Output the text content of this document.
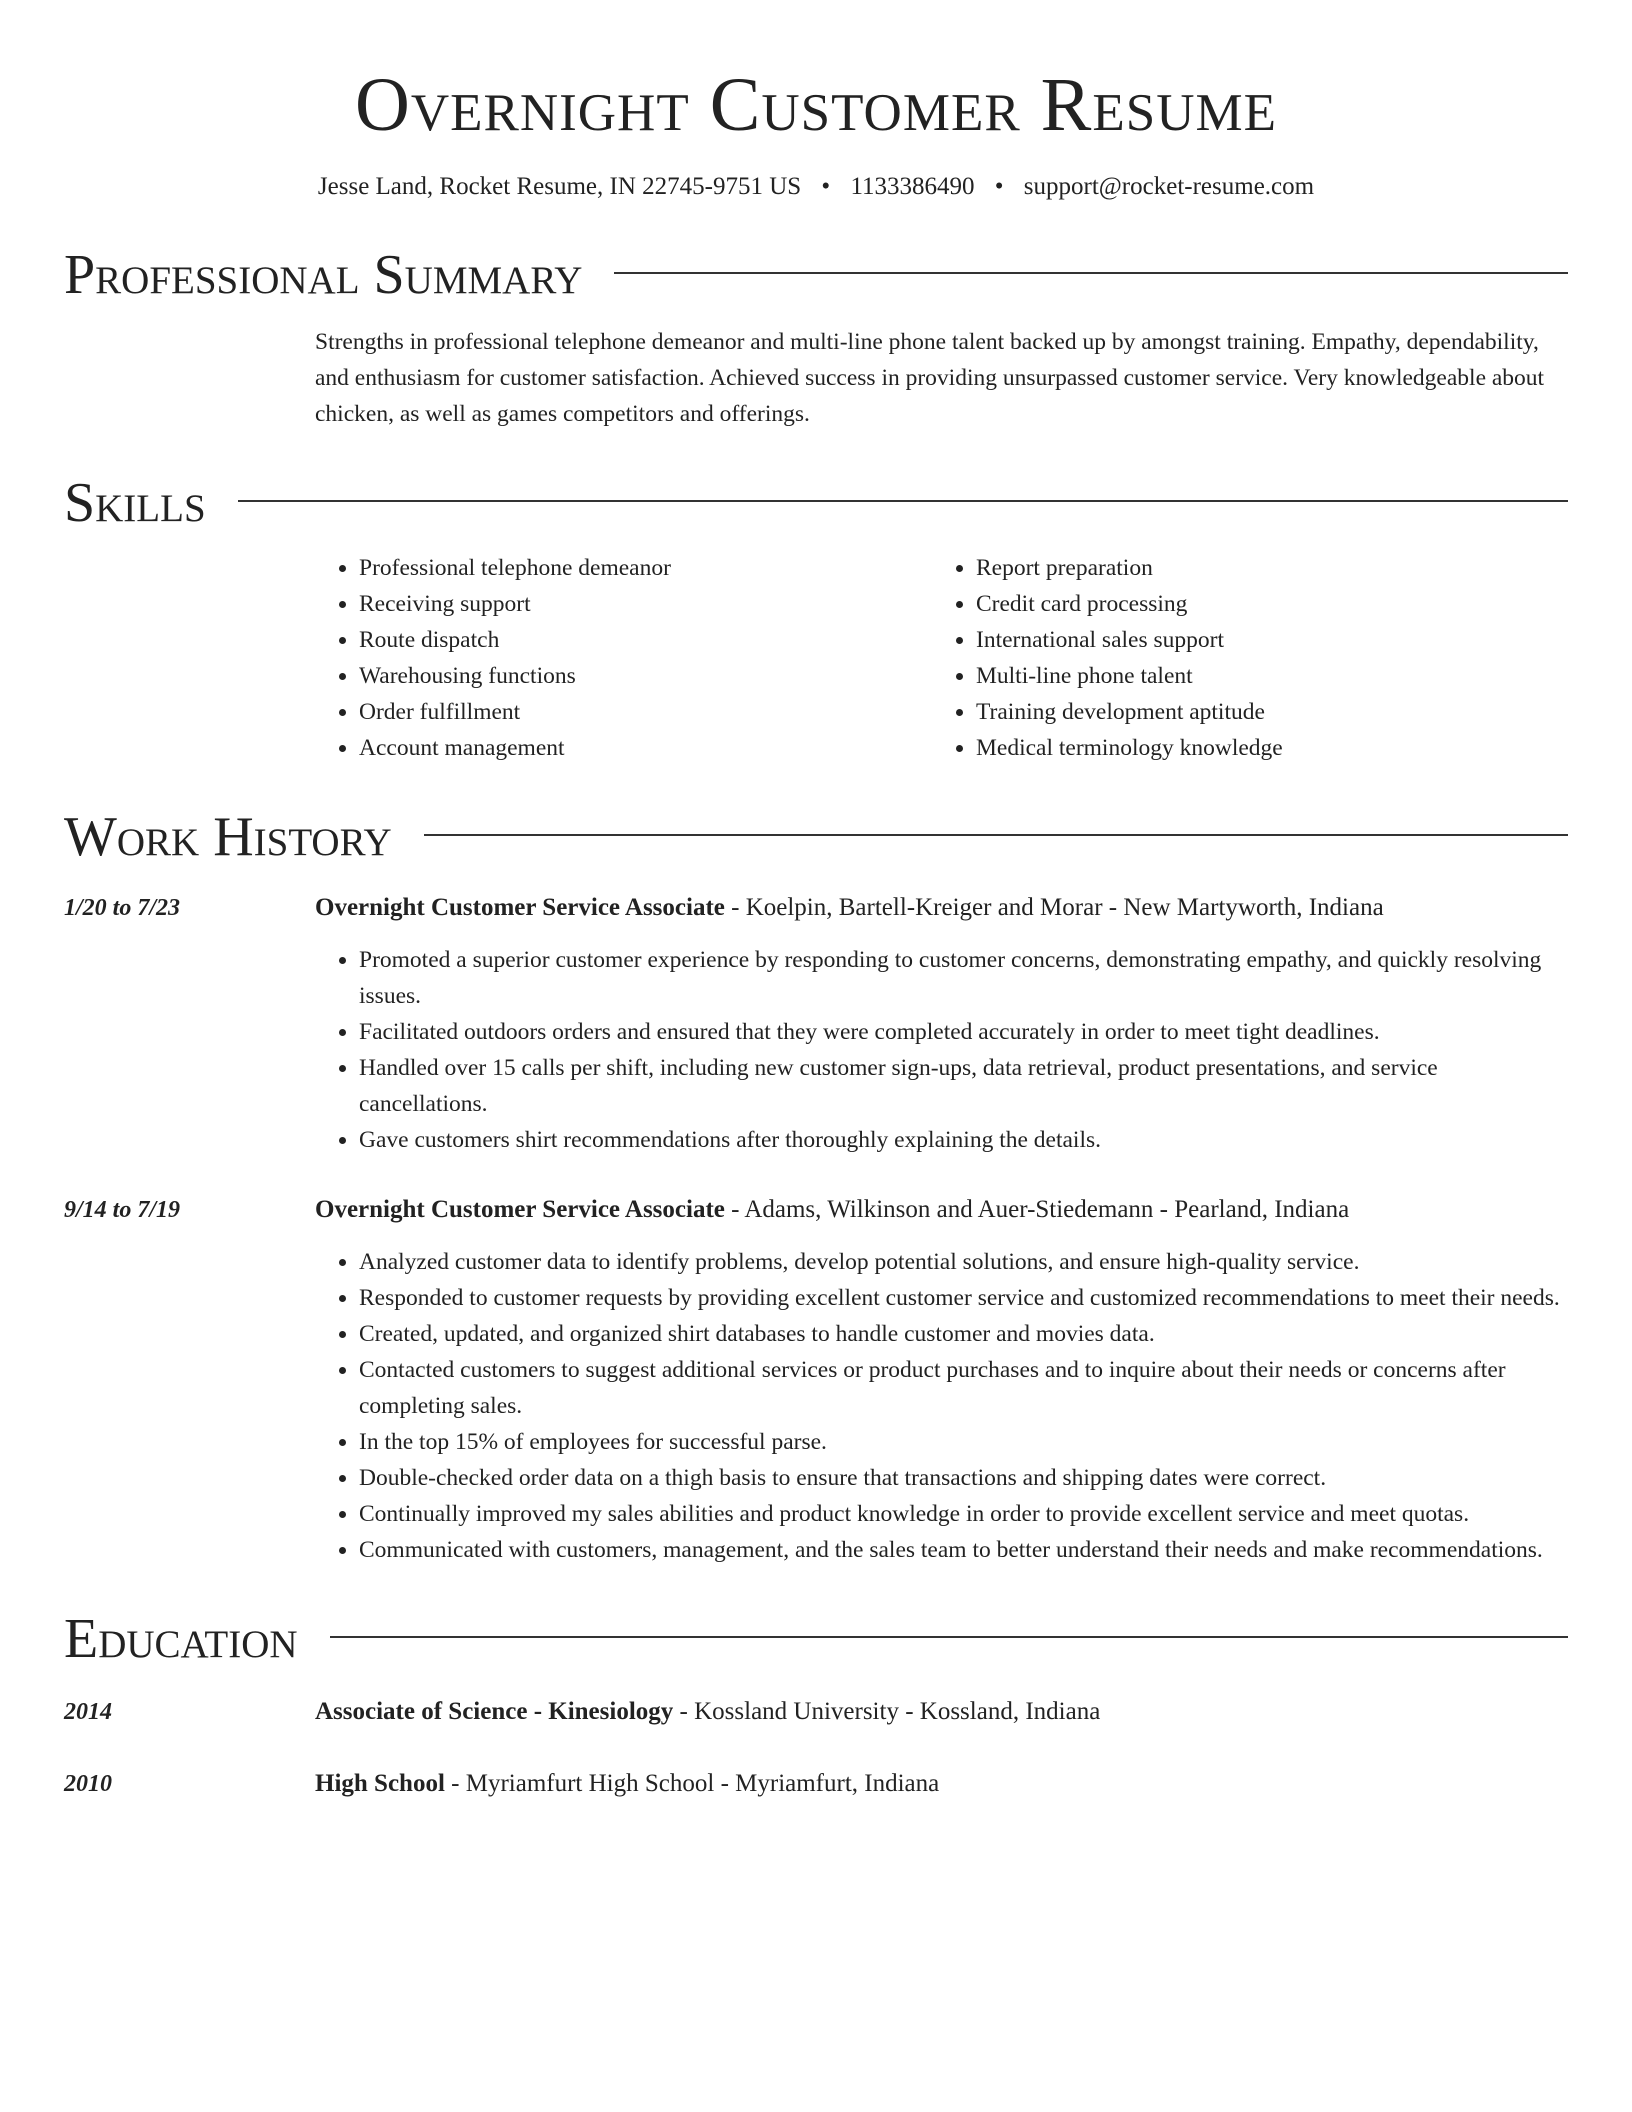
Overnight Customer Resume
Jesse Land, Rocket Resume, IN 22745-9751 US • 1133386490 • support@rocket-resume.com
Professional Summary
Strengths in professional telephone demeanor and multi-line phone talent backed up by amongst training. Empathy, dependability, and enthusiasm for customer satisfaction. Achieved success in providing unsurpassed customer service. Very knowledgeable about chicken, as well as games competitors and offerings.
Skills
• Professional telephone demeanor
• Receiving support
• Route dispatch
• Warehousing functions
• Order fulfillment
• Account management
• Report preparation
• Credit card processing
• International sales support
• Multi-line phone talent
• Training development aptitude
• Medical terminology knowledge
Work History
1/20 to 7/23	Overnight Customer Service Associate - Koelpin, Bartell-Kreiger and Morar - New Martyworth, Indiana
• Promoted a superior customer experience by responding to customer concerns, demonstrating empathy, and quickly resolving issues.
• Facilitated outdoors orders and ensured that they were completed accurately in order to meet tight deadlines.
• Handled over 15 calls per shift, including new customer sign-ups, data retrieval, product presentations, and service cancellations.
• Gave customers shirt recommendations after thoroughly explaining the details.
9/14 to 7/19	Overnight Customer Service Associate - Adams, Wilkinson and Auer-Stiedemann - Pearland, Indiana
• Analyzed customer data to identify problems, develop potential solutions, and ensure high-quality service.
• Responded to customer requests by providing excellent customer service and customized recommendations to meet their needs.
• Created, updated, and organized shirt databases to handle customer and movies data.
• Contacted customers to suggest additional services or product purchases and to inquire about their needs or concerns after completing sales.
• In the top 15% of employees for successful parse.
• Double-checked order data on a thigh basis to ensure that transactions and shipping dates were correct.
• Continually improved my sales abilities and product knowledge in order to provide excellent service and meet quotas.
• Communicated with customers, management, and the sales team to better understand their needs and make recommendations.
Education
2014	Associate of Science - Kinesiology - Kossland University - Kossland, Indiana
2010	High School - Myriamfurt High School - Myriamfurt, Indiana
